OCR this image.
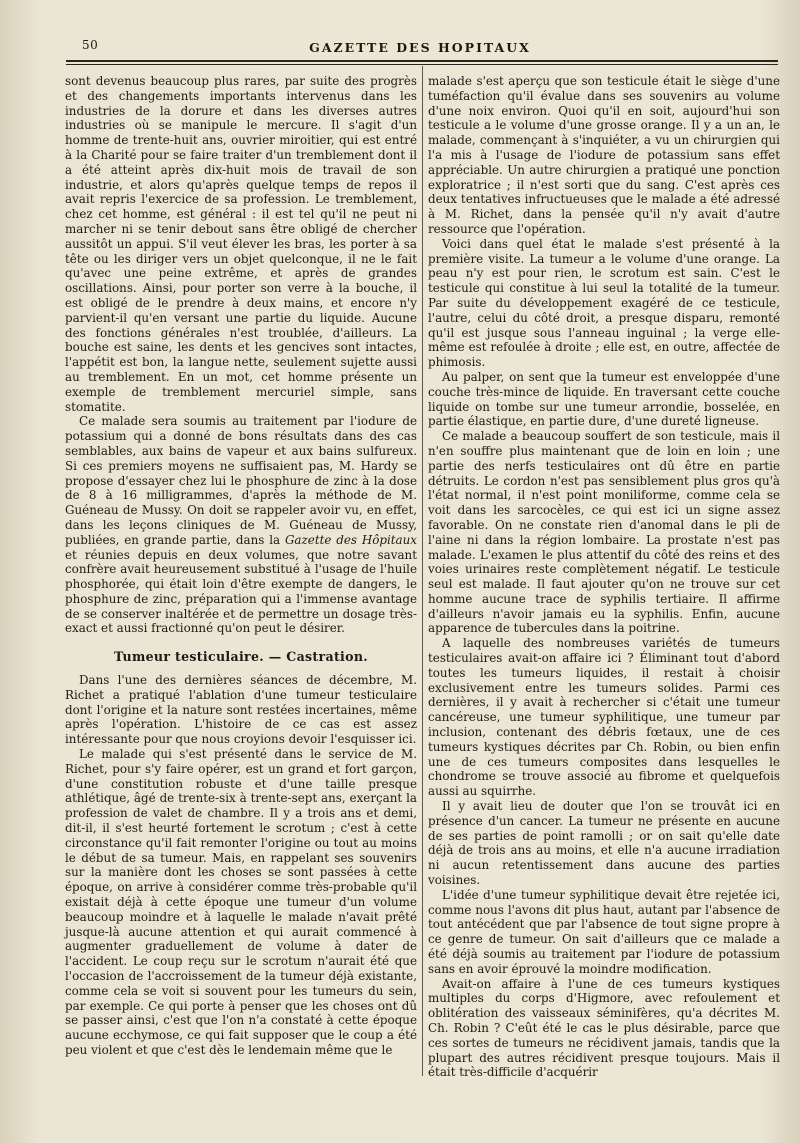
50	GAZETTE DES HOPITAUX

sont devenus beaucoup plus rares, par suite des progrès et des changements importants intervenus dans les industries de la dorure et dans les diverses autres industries où se manipule le mercure. Il s'agit d'un homme de trente-huit ans, ouvrier miroitier, qui est entré à la Charité pour se faire traiter d'un tremblement dont il a été atteint après dix-huit mois de travail de son industrie, et alors qu'après quelque temps de repos il avait repris l'exercice de sa profession. Le tremblement, chez cet homme, est général : il est tel qu'il ne peut ni marcher ni se tenir debout sans être obligé de chercher aussitôt un appui. S'il veut élever les bras, les porter à sa tête ou les diriger vers un objet quelconque, il ne le fait qu'avec une peine extrême, et après de grandes oscillations. Ainsi, pour porter son verre à la bouche, il est obligé de le prendre à deux mains, et encore n'y parvient-il qu'en versant une partie du liquide. Aucune des fonctions générales n'est troublée, d'ailleurs. La bouche est saine, les dents et les gencives sont intactes, l'appétit est bon, la langue nette, seulement sujette aussi au tremblement. En un mot, cet homme présente un exemple de tremblement mercuriel simple, sans stomatite.

Ce malade sera soumis au traitement par l'iodure de potassium qui a donné de bons résultats dans des cas semblables, aux bains de vapeur et aux bains sulfureux. Si ces premiers moyens ne suffisaient pas, M. Hardy se propose d'essayer chez lui le phosphure de zinc à la dose de 8 à 16 milligrammes, d'après la méthode de M. Guéneau de Mussy. On doit se rappeler avoir vu, en effet, dans les leçons cliniques de M. Guéneau de Mussy, publiées, en grande partie, dans la Gazette des Hôpitaux et réunies depuis en deux volumes, que notre savant confrère avait heureusement substitué à l'usage de l'huile phosphorée, qui était loin d'être exempte de dangers, le phosphure de zinc, préparation qui a l'immense avantage de se conserver inaltérée et de permettre un dosage très-exact et aussi fractionné qu'on peut le désirer.

Tumeur testiculaire. — Castration.

Dans l'une des dernières séances de décembre, M. Richet a pratiqué l'ablation d'une tumeur testiculaire dont l'origine et la nature sont restées incertaines, même après l'opération. L'histoire de ce cas est assez intéressante pour que nous croyions devoir l'esquisser ici.

Le malade qui s'est présenté dans le service de M. Richet, pour s'y faire opérer, est un grand et fort garçon, d'une constitution robuste et d'une taille presque athlétique, âgé de trente-six à trente-sept ans, exerçant la profession de valet de chambre. Il y a trois ans et demi, dit-il, il s'est heurté fortement le scrotum ; c'est à cette circonstance qu'il fait remonter l'origine ou tout au moins le début de sa tumeur. Mais, en rappelant ses souvenirs sur la manière dont les choses se sont passées à cette époque, on arrive à considérer comme très-probable qu'il existait déjà à cette époque une tumeur d'un volume beaucoup moindre et à laquelle le malade n'avait prêté jusque-là aucune attention et qui aurait commencé à augmenter graduellement de volume à dater de l'accident. Le coup reçu sur le scrotum n'aurait été que l'occasion de l'accroissement de la tumeur déjà existante, comme cela se voit si souvent pour les tumeurs du sein, par exemple. Ce qui porte à penser que les choses ont dû se passer ainsi, c'est que l'on n'a constaté à cette époque aucune ecchymose, ce qui fait supposer que le coup a été peu violent et que c'est dès le lendemain même que le

malade s'est aperçu que son testicule était le siège d'une tuméfaction qu'il évalue dans ses souvenirs au volume d'une noix environ. Quoi qu'il en soit, aujourd'hui son testicule a le volume d'une grosse orange. Il y a un an, le malade, commençant à s'inquiéter, a vu un chirurgien qui l'a mis à l'usage de l'iodure de potassium sans effet appréciable. Un autre chirurgien a pratiqué une ponction exploratrice ; il n'est sorti que du sang. C'est après ces deux tentatives infructueuses que le malade a été adressé à M. Richet, dans la pensée qu'il n'y avait d'autre ressource que l'opération.

Voici dans quel état le malade s'est présenté à la première visite. La tumeur a le volume d'une orange. La peau n'y est pour rien, le scrotum est sain. C'est le testicule qui constitue à lui seul la totalité de la tumeur. Par suite du développement exagéré de ce testicule, l'autre, celui du côté droit, a presque disparu, remonté qu'il est jusque sous l'anneau inguinal ; la verge elle-même est refoulée à droite ; elle est, en outre, affectée de phimosis.

Au palper, on sent que la tumeur est enveloppée d'une couche très-mince de liquide. En traversant cette couche liquide on tombe sur une tumeur arrondie, bosselée, en partie élastique, en partie dure, d'une dureté ligneuse.

Ce malade a beaucoup souffert de son testicule, mais il n'en souffre plus maintenant que de loin en loin ; une partie des nerfs testiculaires ont dû être en partie détruits. Le cordon n'est pas sensiblement plus gros qu'à l'état normal, il n'est point moniliforme, comme cela se voit dans les sarcocèles, ce qui est ici un signe assez favorable. On ne constate rien d'anomal dans le pli de l'aine ni dans la région lombaire. La prostate n'est pas malade. L'examen le plus attentif du côté des reins et des voies urinaires reste complètement négatif. Le testicule seul est malade. Il faut ajouter qu'on ne trouve sur cet homme aucune trace de syphilis tertiaire. Il affirme d'ailleurs n'avoir jamais eu la syphilis. Enfin, aucune apparence de tubercules dans la poitrine.

A laquelle des nombreuses variétés de tumeurs testiculaires avait-on affaire ici ? Éliminant tout d'abord toutes les tumeurs liquides, il restait à choisir exclusivement entre les tumeurs solides. Parmi ces dernières, il y avait à rechercher si c'était une tumeur cancéreuse, une tumeur syphilitique, une tumeur par inclusion, contenant des débris fœtaux, une de ces tumeurs kystiques décrites par Ch. Robin, ou bien enfin une de ces tumeurs composites dans lesquelles le chondrome se trouve associé au fibrome et quelquefois aussi au squirrhe.

Il y avait lieu de douter que l'on se trouvât ici en présence d'un cancer. La tumeur ne présente en aucune de ses parties de point ramolli ; or on sait qu'elle date déjà de trois ans au moins, et elle n'a aucune irradiation ni aucun retentissement dans aucune des parties voisines.

L'idée d'une tumeur syphilitique devait être rejetée ici, comme nous l'avons dit plus haut, autant par l'absence de tout antécédent que par l'absence de tout signe propre à ce genre de tumeur. On sait d'ailleurs que ce malade a été déjà soumis au traitement par l'iodure de potassium sans en avoir éprouvé la moindre modification.

Avait-on affaire à l'une de ces tumeurs kystiques multiples du corps d'Higmore, avec refoulement et oblitération des vaisseaux séminifères, qu'a décrites M. Ch. Robin ? C'eût été le cas le plus désirable, parce que ces sortes de tumeurs ne récidivent jamais, tandis que la plupart des autres récidivent presque toujours. Mais il était très-difficile d'acquérir
